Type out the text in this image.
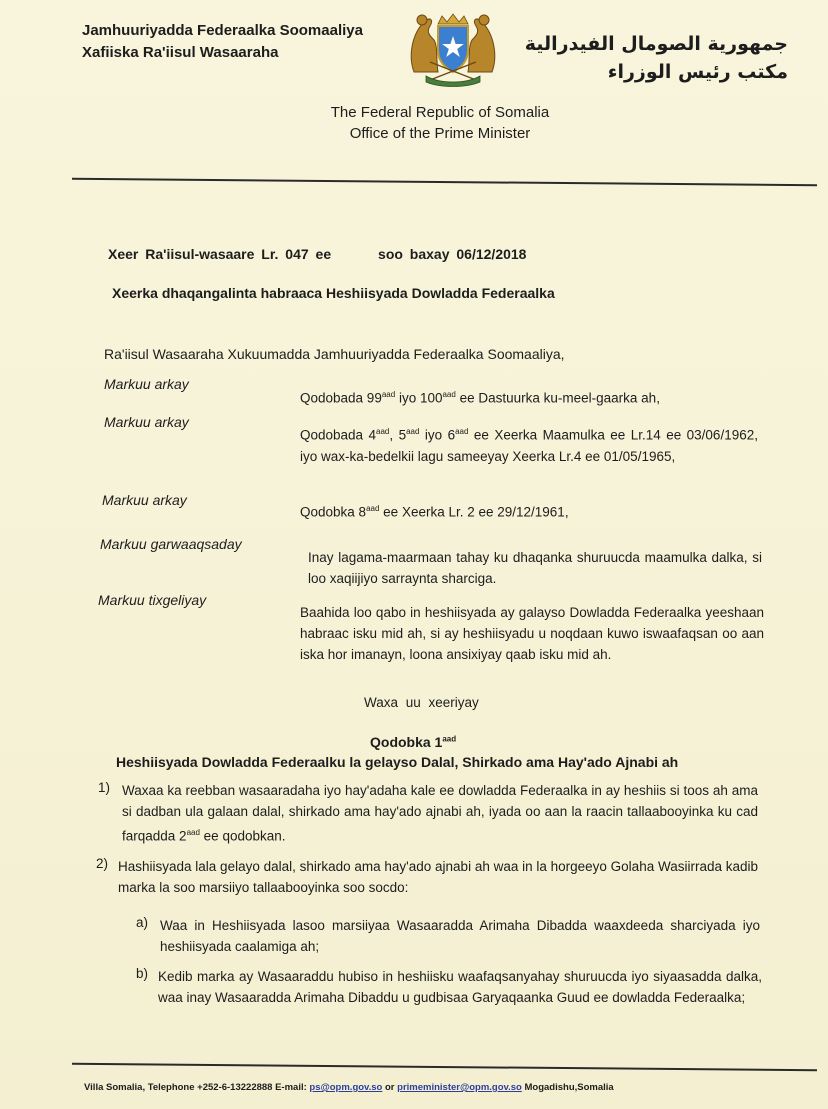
Jamhuuriyadda Federaalka Soomaaliya
Xafiiska Ra'iisul Wasaaraha	جمهورية الصومال الفيدرالية
مكتب رئيس الوزراء
The Federal Republic of Somalia
Office of the Prime Minister
Xeer Ra'iisul-wasaare Lr. 047 ee	soo baxay 06/12/2018
Xeerka dhaqangalinta habraaca Heshiisyada Dowladda Federaalka
Ra'iisul Wasaaraha Xukuumadda Jamhuuriyadda Federaalka Soomaaliya,
Markuu arkay
Qodobada $99^{aad}$ iyo $100^{aad}$ ee Dastuurka ku-meel-gaarka ah,
Markuu arkay
Qodobada $4^{aad}$, $5^{aad}$ iyo $6^{aad}$ ee Xeerka Maamulka ee Lr.14 ee 03/06/1962, iyo wax-ka-bedelkii lagu sameeyay Xeerka Lr.4 ee 01/05/1965,
Markuu arkay
Qodobka $8^{aad}$ ee Xeerka Lr. 2 ee 29/12/1961,
Markuu garwaaqsaday
Inay lagama-maarmaan tahay ku dhaqanka shuruucda maamulka dalka, si loo xaqiijiyo sarraynta sharciga.
Markuu tixgeliyay
Baahida loo qabo in heshiisyada ay galayso Dowladda Federaalka yeeshaan habraac isku mid ah, si ay heshiisyadu u noqdaan kuwo iswaafaqsan oo aan iska hor imanayn, loona ansixiyay qaab isku mid ah.
Waxa uu xeeriyay
Qodobka $1^{aad}$
Heshiisyada Dowladda Federaalku la gelayso Dalal, Shirkado ama Hay'ado Ajnabi ah
1) Waxaa ka reebban wasaaradaha iyo hay'adaha kale ee dowladda Federaalka in ay heshiis si toos ah ama si dadban ula galaan dalal, shirkado ama hay'ado ajnabi ah, iyada oo aan la raacin tallaabooyinka ku cad farqadda $2^{aad}$ ee qodobkan.
2) Hashiisyada lala gelayo dalal, shirkado ama hay'ado ajnabi ah waa in la horgeeyo Golaha Wasiirrada kadib marka la soo marsiiyo tallaabooyinka soo socdo:
a) Waa in Heshiisyada lasoo marsiiyaa Wasaaradda Arimaha Dibadda waaxdeeda sharciyada iyo heshiisyada caalamiga ah;
b) Kedib marka ay Wasaaraddu hubiso in heshiisku waafaqsanyahay shuruucda iyo siyaasadda dalka, waa inay Wasaaradda Arimaha Dibaddu u gudbisaa Garyaqaanka Guud ee dowladda Federaalka;
Villa Somalia, Telephone +252-6-13222888 E-mail: ps@opm.gov.so or primeminister@opm.gov.so Mogadishu,Somalia
